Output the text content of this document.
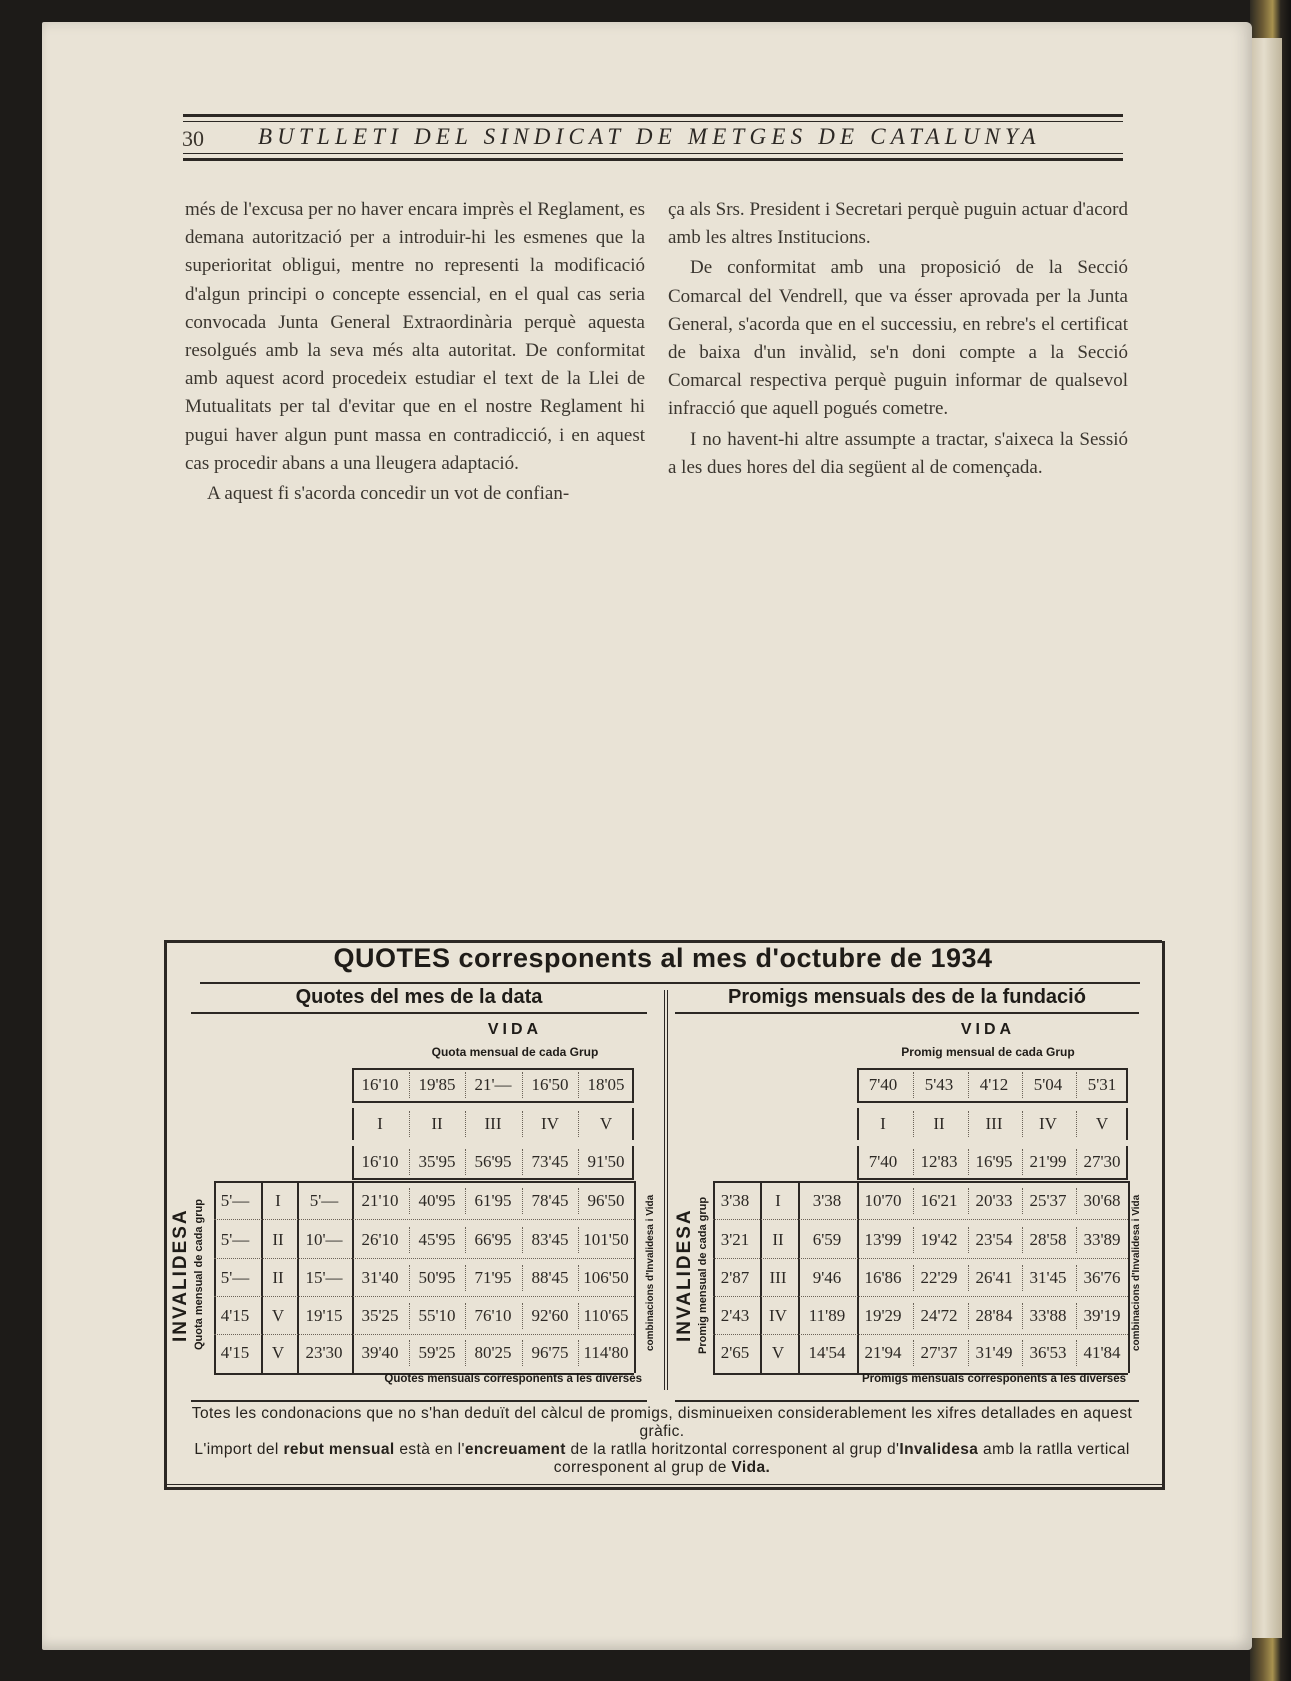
30 BUTLLETI DEL SINDICAT DE METGES DE CATALUNYA

més de l'excusa per no haver encara imprès el Reglament, es demana autorització per a introduir-hi les esmenes que la superioritat obligui, mentre no representi la modificació d'algun principi o concepte essencial, en el qual cas seria convocada Junta General Extraordinària perquè aquesta resolgués amb la seva més alta autoritat. De conformitat amb aquest acord procedeix estudiar el text de la Llei de Mutualitats per tal d'evitar que en el nostre Reglament hi pugui haver algun punt massa en contradicció, i en aquest cas procedir abans a una lleugera adaptació.

A aquest fi s'acorda concedir un vot de confian-

ça als Srs. President i Secretari perquè puguin actuar d'acord amb les altres Institucions.

De conformitat amb una proposició de la Secció Comarcal del Vendrell, que va ésser aprovada per la Junta General, s'acorda que en el successiu, en rebre's el certificat de baixa d'un invàlid, se'n doni compte a la Secció Comarcal respectiva perquè puguin informar de qualsevol infracció que aquell pogués cometre.

I no havent-hi altre assumpte a tractar, s'aixeca la Sessió a les dues hores del dia següent al de començada.

QUOTES corresponents al mes d'octubre de 1934
Quotes del mes de la data	Promigs mensuals des de la fundació
VIDA
Quota mensual de cada Grup
VIDA
Promig mensual de cada Grup
16'10	19'85	21'—	16'50	18'05
I	II	III	IV	V
16'10	35'95	56'95	73'45	91'50
5'—	I	5'—	21'10	40'95	61'95	78'45	96'50
5'—	II	10'—	26'10	45'95	66'95	83'45 101'50
5'—	II	15'—	31'40	50'95	71'95	88'45 106'50
4'15	V	19'15	35'25	55'10	76'10	92'60 110'65
4'15	V	23'30	39'40	59'25	80'25	96'75 114'80
7'40	5'43	4'12	5'04	5'31
I	II	III	IV	V
7'40	12'83	16'95 21'99 27'30
3'38	I	3'38	10'70	16'21	20'33 25'37 30'68
3'21	II	6'59	13'99	19'42	23'54 28'58 33'89
2'87	III	9'46	16'86	22'29	26'41 31'45 36'76
2'43	IV	11'89	19'29	24'72	28'84 33'88 39'19
2'65	V	14'54	21'94	27'37	31'49 36'53 41'84
INVALIDESA Quota mensual de cada grup	combinacions d'Invalidesa i Vida INVALIDESA Promig mensual de cada grup	combinacions d'Invalidesa i Vida
Quotes mensuals corresponents a les diverses	Promigs mensuals corresponents a les diverses

Totes les condonacions que no s'han deduït del càlcul de promigs, disminueixen considerablement les xifres detallades en aquest gràfic.

L'import del rebut mensual està en l'encreuament de la ratlla horitzontal corresponent al grup d'Invalidesa amb la ratlla vertical corresponent al grup de Vida.
